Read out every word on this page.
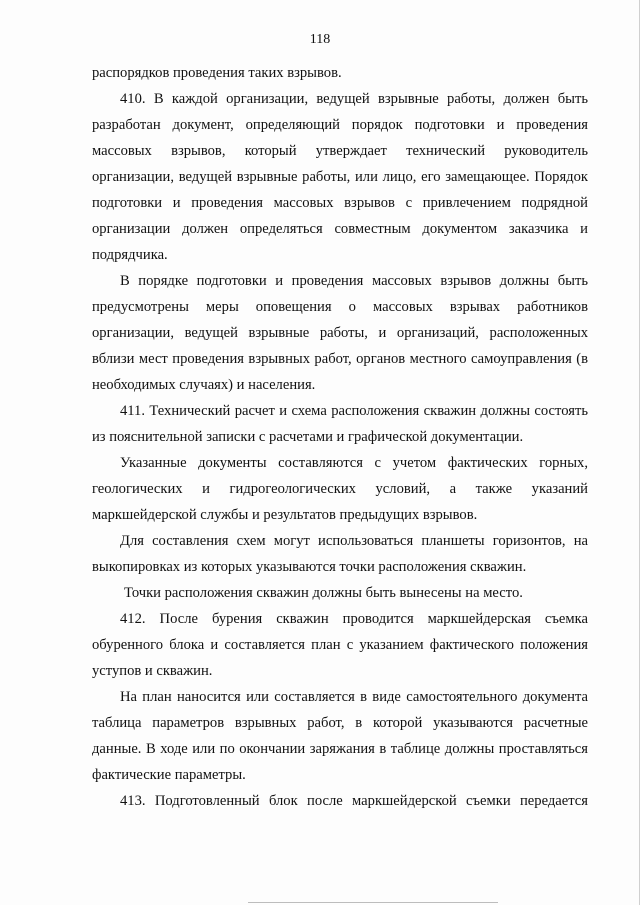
118

распорядков проведения таких взрывов.

410. В каждой организации, ведущей взрывные работы, должен быть разработан документ, определяющий порядок подготовки и проведения массовых взрывов, который утверждает технический руководитель организации, ведущей взрывные работы, или лицо, его замещающее. Порядок подготовки и проведения массовых взрывов с привлечением подрядной организации должен определяться совместным документом заказчика и подрядчика.

В порядке подготовки и проведения массовых взрывов должны быть предусмотрены меры оповещения о массовых взрывах работников организации, ведущей взрывные работы, и организаций, расположенных вблизи мест проведения взрывных работ, органов местного самоуправления (в необходимых случаях) и населения.

411. Технический расчет и схема расположения скважин должны состоять из пояснительной записки с расчетами и графической документации.

Указанные документы составляются с учетом фактических горных, геологических и гидрогеологических условий, а также указаний маркшейдерской службы и результатов предыдущих взрывов.

Для составления схем могут использоваться планшеты горизонтов, на выкопировках из которых указываются точки расположения скважин.

Точки расположения скважин должны быть вынесены на место.

412. После бурения скважин проводится маркшейдерская съемка обуренного блока и составляется план с указанием фактического положения уступов и скважин.

На план наносится или составляется в виде самостоятельного документа таблица параметров взрывных работ, в которой указываются расчетные данные. В ходе или по окончании заряжания в таблице должны проставляться фактические параметры.

413. Подготовленный блок после маркшейдерской съемки передается
